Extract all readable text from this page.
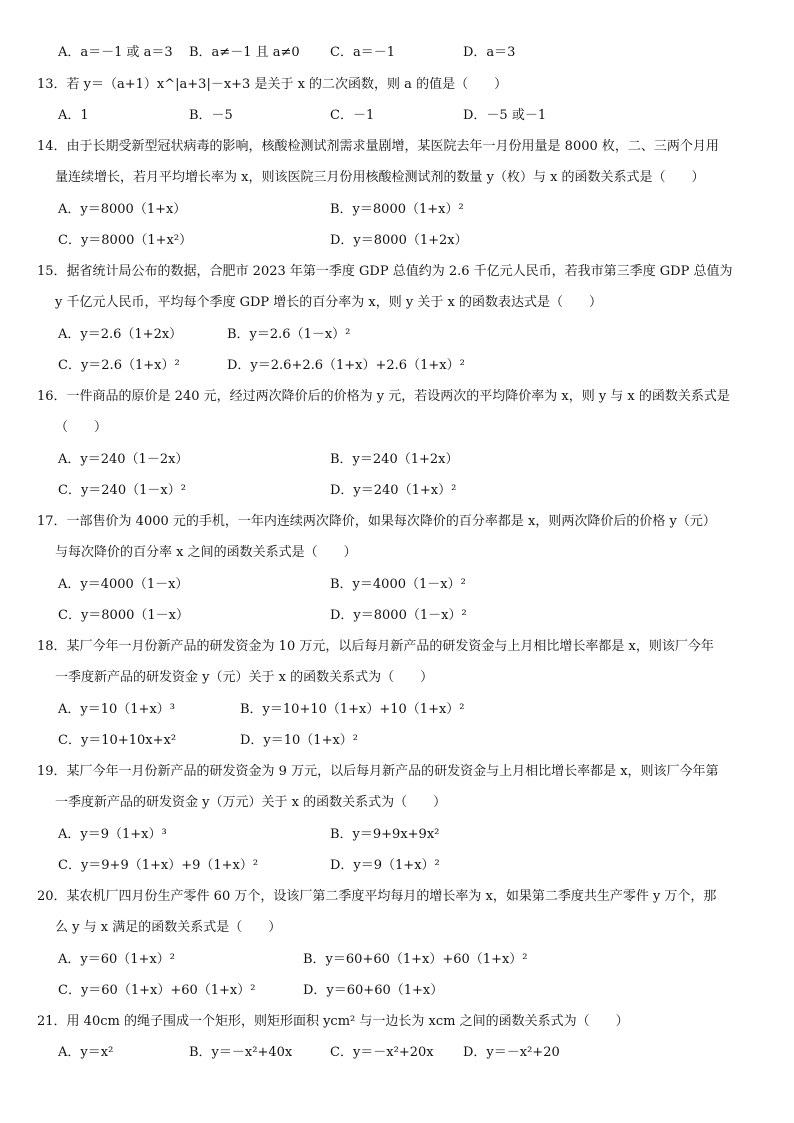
A．a＝－1 或 a＝3 B．a≠－1 且 a≠0 C．a＝－1	D．a＝3
13．若 y＝（a+1）x^|a+3|－x+3 是关于 x 的二次函数，则 a 的值是（　　）
A．1	B．－5	C．－1	D．－5 或－1
14．由于长期受新型冠状病毒的影响，核酸检测试剂需求量剧增，某医院去年一月份用量是 8000 枚，二、三两个月用
量连续增长，若月平均增长率为 x，则该医院三月份用核酸检测试剂的数量 y（枚）与 x 的函数关系式是（　　）
A．y＝8000（1+x）	B．y＝8000（1+x）²
C．y＝8000（1+x²）	D．y＝8000（1+2x）
15．据省统计局公布的数据，合肥市 2023 年第一季度 GDP 总值约为 2.6 千亿元人民币，若我市第三季度 GDP 总值为
y 千亿元人民币，平均每个季度 GDP 增长的百分率为 x，则 y 关于 x 的函数表达式是（　　）
A．y＝2.6（1+2x）	B．y＝2.6（1－x）²
C．y＝2.6（1+x）²	D．y＝2.6+2.6（1+x）+2.6（1+x）²
16．一件商品的原价是 240 元，经过两次降价后的价格为 y 元，若设两次的平均降价率为 x，则 y 与 x 的函数关系式是
（　　）
A．y＝240（1－2x）	B．y＝240（1+2x）
C．y＝240（1－x）²	D．y＝240（1+x）²
17．一部售价为 4000 元的手机，一年内连续两次降价，如果每次降价的百分率都是 x，则两次降价后的价格 y（元）
与每次降价的百分率 x 之间的函数关系式是（　　）
A．y＝4000（1－x）	B．y＝4000（1－x）²
C．y＝8000（1－x）	D．y＝8000（1－x）²
18．某厂今年一月份新产品的研发资金为 10 万元，以后每月新产品的研发资金与上月相比增长率都是 x，则该厂今年
一季度新产品的研发资金 y（元）关于 x 的函数关系式为（　　）
A．y＝10（1+x）³	B．y＝10+10（1+x）+10（1+x）²
C．y＝10+10x+x²	D．y＝10（1+x）²
19．某厂今年一月份新产品的研发资金为 9 万元，以后每月新产品的研发资金与上月相比增长率都是 x，则该厂今年第
一季度新产品的研发资金 y（万元）关于 x 的函数关系式为（　　）
A．y＝9（1+x）³	B．y＝9+9x+9x²
C．y＝9+9（1+x）+9（1+x）²	D．y＝9（1+x）²
20．某农机厂四月份生产零件 60 万个，设该厂第二季度平均每月的增长率为 x，如果第二季度共生产零件 y 万个，那
么 y 与 x 满足的函数关系式是（　　）
A．y＝60（1+x）²	B．y＝60+60（1+x）+60（1+x）²
C．y＝60（1+x）+60（1+x）²	D．y＝60+60（1+x）
21．用 40cm 的绳子围成一个矩形，则矩形面积 ycm² 与一边长为 xcm 之间的函数关系式为（　　）
A．y＝x²	B．y＝－x²+40x	C．y＝－x²+20x D．y＝－x²+20
